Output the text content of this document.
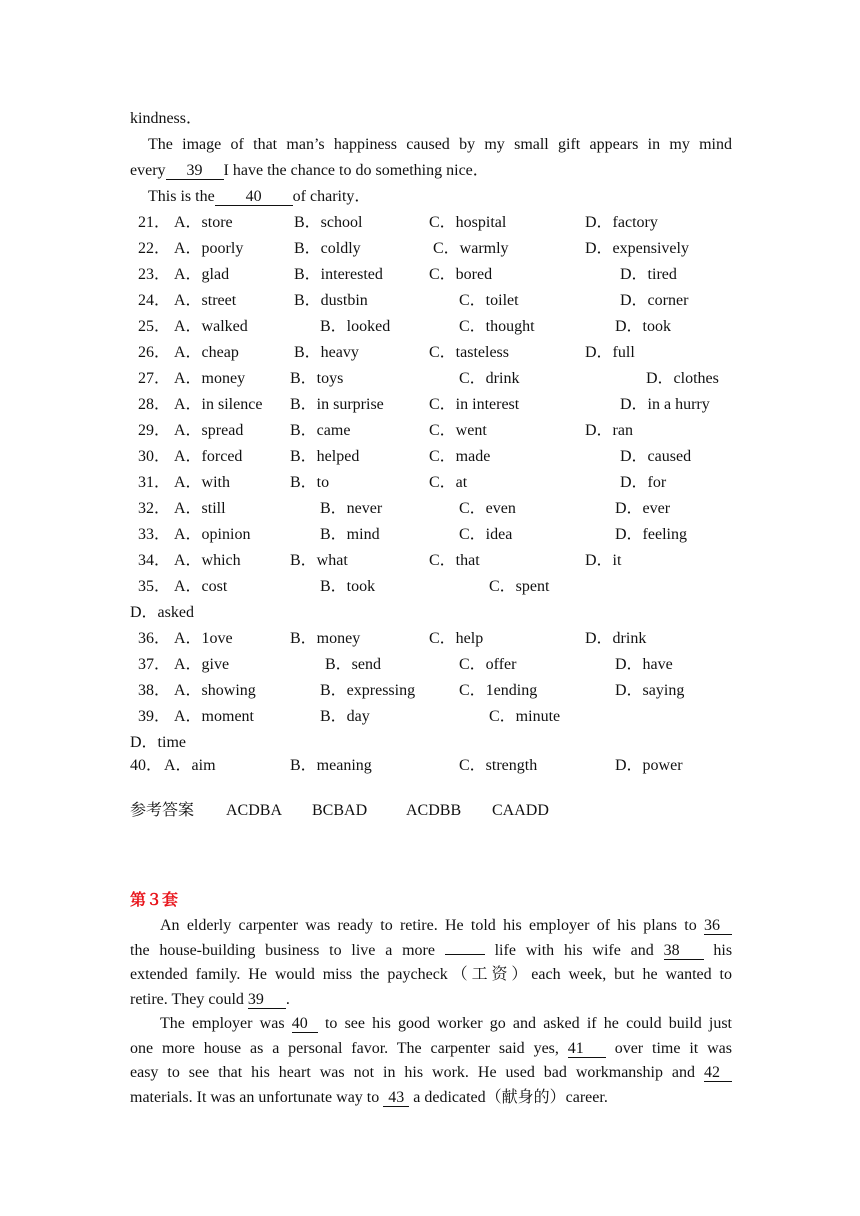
kindness．
The image of that man’s happiness caused by my small gift appears in my mind
every 39 I have the chance to do something nice．
This is the 40 of charity．
21． A．store	B．school	C．hospital	D．factory
22． A．poorly	B．coldly	C．warmly	D．expensively
23． A．glad	B．interested	C．bored	D．tired
24． A．street	B．dustbin	C．toilet	D．corner
25． A．walked	B．looked	C．thought	D．took
26． A．cheap	B．heavy	C．tasteless	D．full
27． A．money	B．toys	C．drink	D．clothes
28． A．in silence B．in surprise	C．in interest	D．in a hurry
29． A．spread	B．came	C．went	D．ran
30． A．forced	B．helped	C．made	D．caused
31． A．with	B．to	C．at	D．for
32． A．still	B．never	C．even	D．ever
33． A．opinion	B．mind	C．idea	D．feeling
34． A．which	B．what	C．that	D．it
35． A．cost	B．took	C．spent
D．asked
36． A．1ove	B．money	C．help	D．drink
37． A．give	B．send	C．offer	D．have
38． A．showing	B．expressing	C．1ending	D．saying
39． A．moment	B．day	C．minute
D．time
40． A．aim	B．meaning	C．strength	D．power
参考答案 ACDBA BCBAD ACDBB CAADD
第３套
An elderly carpenter was ready to retire. He told his employer of his plans to 36
the house-building business to live a more	life with his wife and 38 his
extended family. He would miss the paycheck（工资）each week, but he wanted to
retire. They could 39 .
The employer was 40 to see his good worker go and asked if he could build just
one more house as a personal favor. The carpenter said yes, 41 over time it was
easy to see that his heart was not in his work. He used bad workmanship and 42
materials. It was an unfortunate way to 43 a dedicated（献身的）career.
